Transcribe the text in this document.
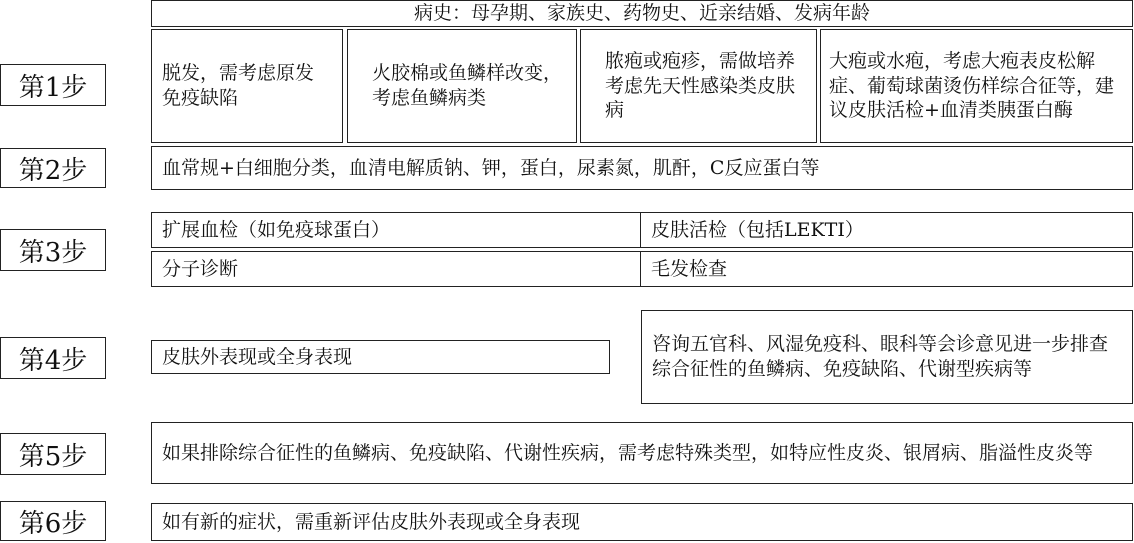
第1步
第2步
第3步
第4步
第5步
第6步
病史：母孕期、家族史、药物史、近亲结婚、发病年龄
脱发，需考虑原发免疫缺陷
火胶棉或鱼鳞样改变，考虑鱼鳞病类
脓疱或疱疹，需做培养考虑先天性感染类皮肤病
大疱或水疱，考虑大疱表皮松解症、葡萄球菌烫伤样综合征等，建议皮肤活检+血清类胰蛋白酶
血常规+白细胞分类，血清电解质钠、钾，蛋白，尿素氮，肌酐，C反应蛋白等
扩展血检（如免疫球蛋白）	皮肤活检（包括LEKTI）
分子诊断	毛发检查
皮肤外表现或全身表现
咨询五官科、风湿免疫科、眼科等会诊意见进一步排查综合征性的鱼鳞病、免疫缺陷、代谢型疾病等
如果排除综合征性的鱼鳞病、免疫缺陷、代谢性疾病，需考虑特殊类型，如特应性皮炎、银屑病、脂溢性皮炎等
如有新的症状，需重新评估皮肤外表现或全身表现
